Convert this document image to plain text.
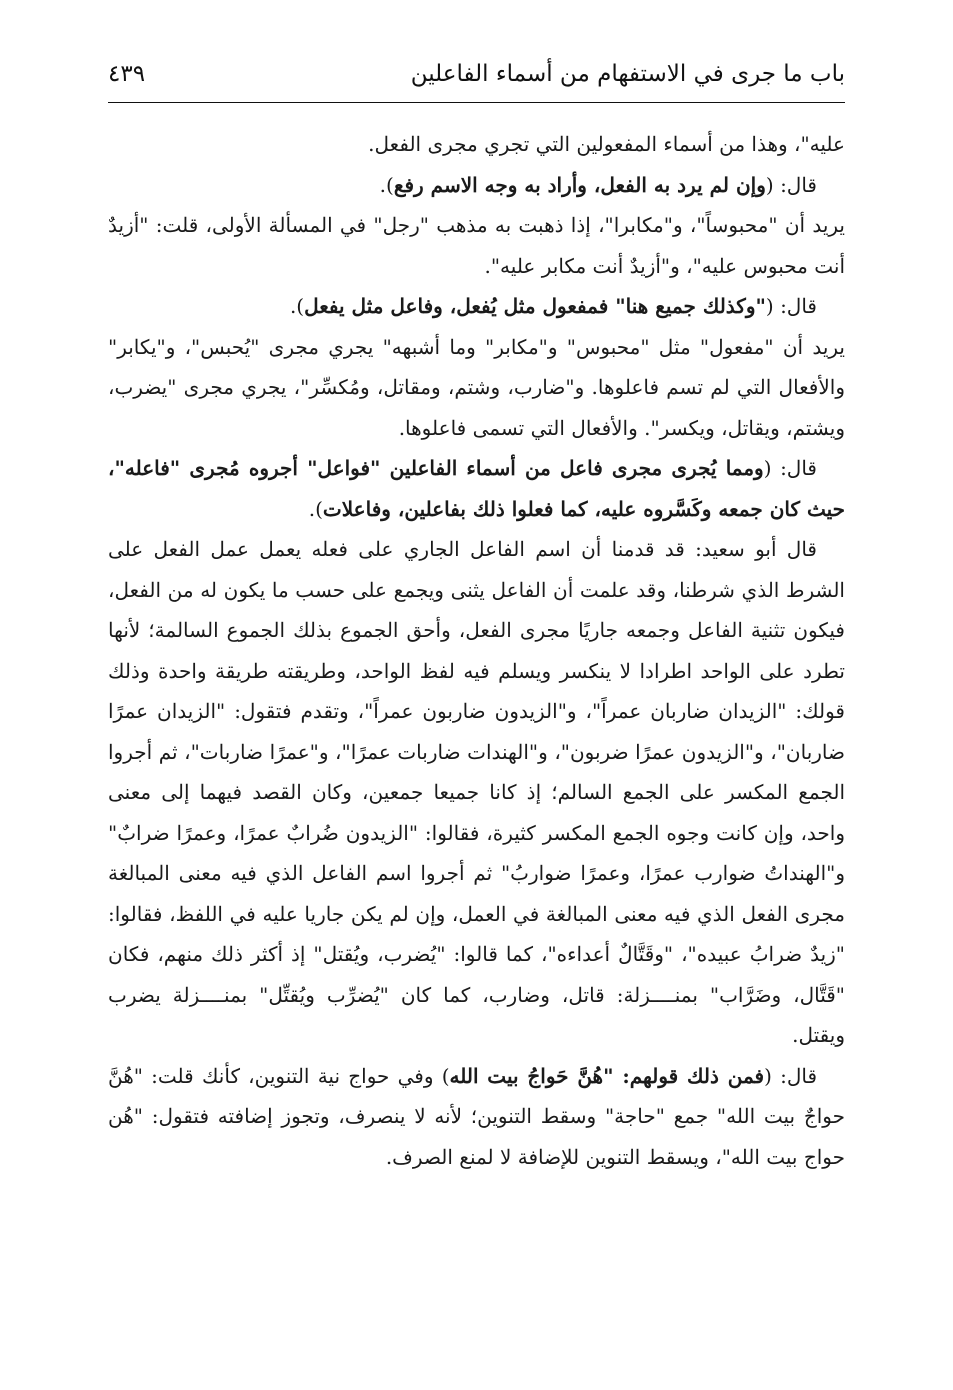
باب ما جرى في الاستفهام من أسماء الفاعلين
٤٣٩

عليه"، وهذا من أسماء المفعولين التي تجري مجرى الفعل.

قال: (وإن لم يرد به الفعل، وأراد به وجه الاسم رفع).

يريد أن "محبوساً"، و"مكابرا"، إذا ذهبت به مذهب "رجل" في المسألة الأولى، قلت: "أزيدٌ أنت محبوس عليه"، و"أزيدٌ أنت مكابر عليه".

قال: ("وكذلك جميع هنا" فمفعول مثل يُفعل، وفاعل مثل يفعل).

يريد أن "مفعول" مثل "محبوس" و"مكابر" وما أشبهه" يجري مجرى "يُحبس"، و"يكابر" والأفعال التي لم تسم فاعلوها. و"ضارب، وشتم، ومقاتل، ومُكسِّر"، يجري مجرى "يضرب، ويشتم، ويقاتل، ويكسر". والأفعال التي تسمى فاعلوها.

قال: (ومما يُجرى مجرى فاعل من أسماء الفاعلين "فواعل" أجروه مُجرى "فاعله"، حيث كان جمعه وكَسَّروه عليه، كما فعلوا ذلك بفاعلين، وفاعلات).

قال أبو سعيد: قد قدمنا أن اسم الفاعل الجاري على فعله يعمل عمل الفعل على الشرط الذي شرطنا، وقد علمت أن الفاعل يثنى ويجمع على حسب ما يكون له من الفعل، فيكون تثنية الفاعل وجمعه جاريًا مجرى الفعل، وأحق الجموع بذلك الجموع السالمة؛ لأنها تطرد على الواحد اطرادا لا ينكسر ويسلم فيه لفظ الواحد، وطريقته طريقة واحدة وذلك قولك: "الزيدان ضاربان عمراً"، و"الزيدون ضاربون عمراً"، وتقدم فتقول: "الزيدان عمرًا ضاربان"، و"الزيدون عمرًا ضربون"، و"الهندات ضاربات عمرًا"، و"عمرًا ضاربات"، ثم أجروا الجمع المكسر على الجمع السالم؛ إذ كانا جميعا جمعين، وكان القصد فيهما إلى معنى واحد، وإن كانت وجوه الجمع المكسر كثيرة، فقالوا: "الزيدون ضُرابٌ عمرًا، وعمرًا ضرابٌ" و"الهنداتُ ضوارب عمرًا، وعمرًا ضواربُ" ثم أجروا اسم الفاعل الذي فيه معنى المبالغة مجرى الفعل الذي فيه معنى المبالغة في العمل، وإن لم يكن جاريا عليه في اللفظ، فقالوا: "زيدٌ ضرابُ عبيده"، "وقَتَّالٌ أعداءه"، كما قالوا: "يُضرب، ويُقتل" إذ أكثر ذلك منهم، فكان "قَتَّال، وضَرَّاب" بمنــــزلة: قاتل، وضارب، كما كان "يُضرِّب ويُقتِّل" بمنــــزلة يضرب ويقتل.

قال: (فمن ذلك قولهم: "هُنَّ حَواجُ بيت الله) وفي حواج نية التنوين، كأنك قلت: "هُنَّ حواجٌ بيت الله" جمع "حاجة" وسقط التنوين؛ لأنه لا ينصرف، وتجوز إضافته فتقول: "هُن حواج بيت الله"، ويسقط التنوين للإضافة لا لمنع الصرف.
